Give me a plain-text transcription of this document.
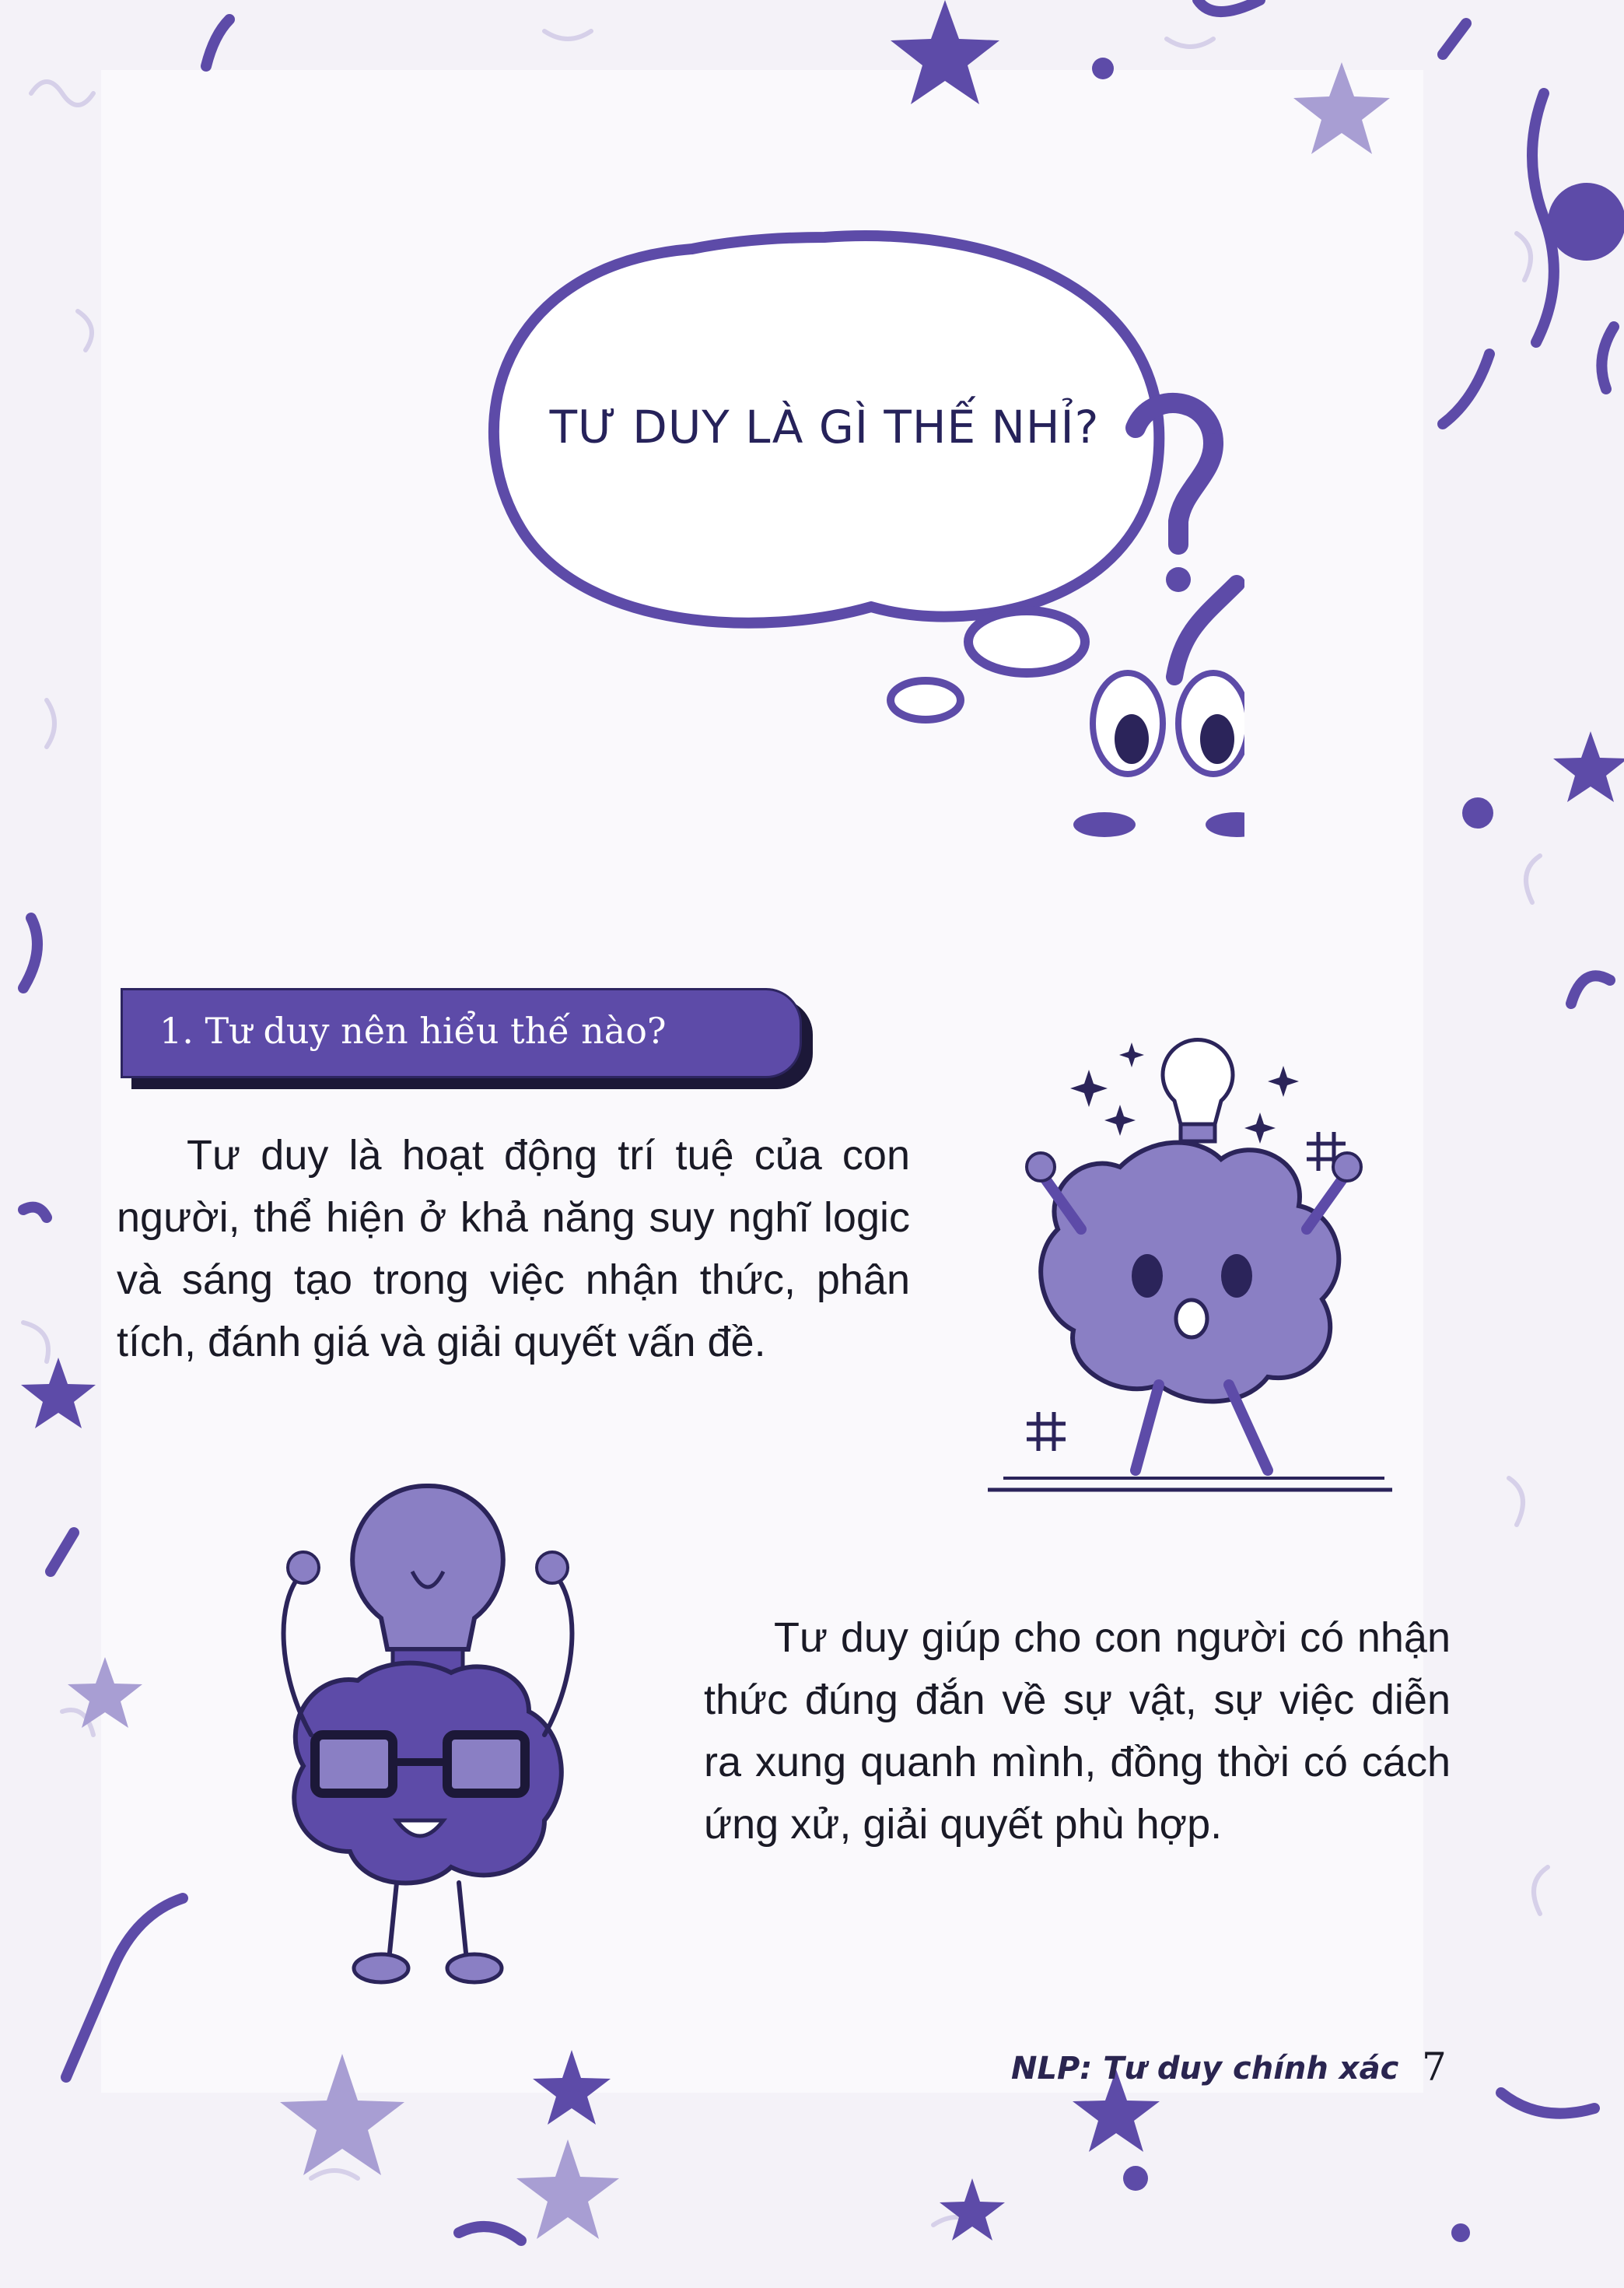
TƯ DUY LÀ GÌ THẾ NHỈ?
1. Tư duy nên hiểu thế nào?
Tư duy là hoạt động trí tuệ của con người, thể hiện ở khả năng suy nghĩ logic và sáng tạo trong việc nhận thức, phân tích, đánh giá và giải quyết vấn đề.
Tư duy giúp cho con người có nhận thức đúng đắn về sự vật, sự việc diễn ra xung quanh mình, đồng thời có cách ứng xử, giải quyết phù hợp.
NLP: Tư duy chính xác 7
